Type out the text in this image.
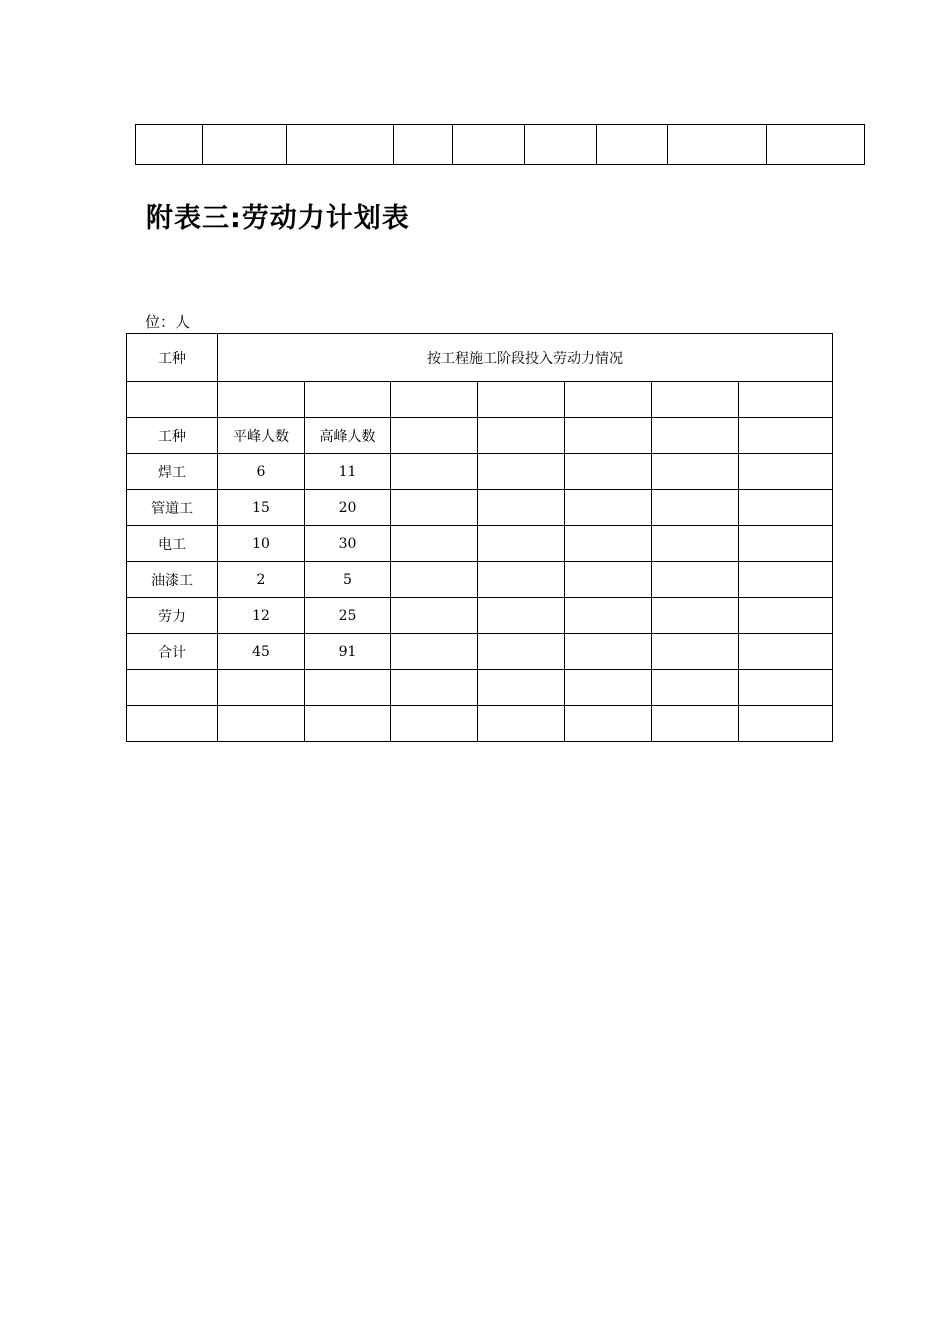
附表三:劳动力计划表
位：人
工种	按工程施工阶段投入劳动力情况						

工种	平峰人数	高峰人数					
焊工	6	11					
管道工	15	20					
电工	10	30					
油漆工	2	5					
劳力	12	25					
合计	45	91					
